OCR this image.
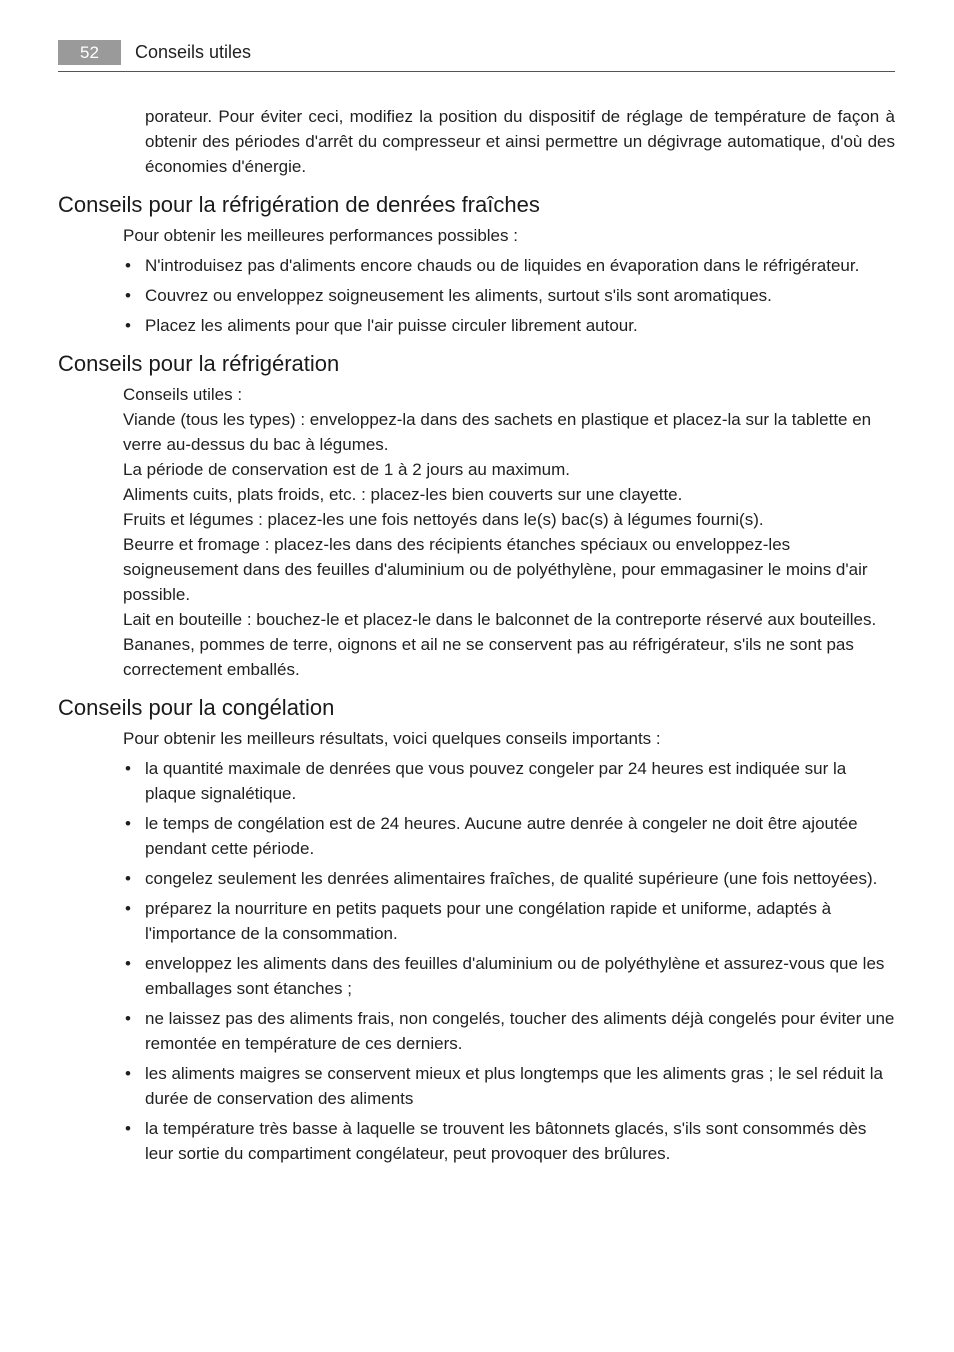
52	Conseils utiles

porateur. Pour éviter ceci, modifiez la position du dispositif de réglage de température de façon à obtenir des périodes d'arrêt du compresseur et ainsi permettre un dégivrage automatique, d'où des économies d'énergie.

Conseils pour la réfrigération de denrées fraîches

Pour obtenir les meilleures performances possibles :

• N'introduisez pas d'aliments encore chauds ou de liquides en évaporation dans le réfrigérateur.
• Couvrez ou enveloppez soigneusement les aliments, surtout s'ils sont aromatiques.
• Placez les aliments pour que l'air puisse circuler librement autour.
Conseils pour la réfrigération

Conseils utiles :

Viande (tous les types) : enveloppez-la dans des sachets en plastique et placez-la sur la tablette en verre au-dessus du bac à légumes.

La période de conservation est de 1 à 2 jours au maximum.

Aliments cuits, plats froids, etc. : placez-les bien couverts sur une clayette.

Fruits et légumes : placez-les une fois nettoyés dans le(s) bac(s) à légumes fourni(s).

Beurre et fromage : placez-les dans des récipients étanches spéciaux ou enveloppez-les soigneusement dans des feuilles d'aluminium ou de polyéthylène, pour emmagasiner le moins d'air possible.

Lait en bouteille : bouchez-le et placez-le dans le balconnet de la contreporte réservé aux bouteilles.

Bananes, pommes de terre, oignons et ail ne se conservent pas au réfrigérateur, s'ils ne sont pas correctement emballés.

Conseils pour la congélation

Pour obtenir les meilleurs résultats, voici quelques conseils importants :

• la quantité maximale de denrées que vous pouvez congeler par 24 heures est indiquée sur la plaque signalétique.
• le temps de congélation est de 24 heures. Aucune autre denrée à congeler ne doit être ajoutée pendant cette période.
• congelez seulement les denrées alimentaires fraîches, de qualité supérieure (une fois nettoyées).
• préparez la nourriture en petits paquets pour une congélation rapide et uniforme, adaptés à l'importance de la consommation.
• enveloppez les aliments dans des feuilles d'aluminium ou de polyéthylène et assurez-vous que les emballages sont étanches ;
• ne laissez pas des aliments frais, non congelés, toucher des aliments déjà congelés pour éviter une remontée en température de ces derniers.
• les aliments maigres se conservent mieux et plus longtemps que les aliments gras ; le sel réduit la durée de conservation des aliments
• la température très basse à laquelle se trouvent les bâtonnets glacés, s'ils sont consommés dès leur sortie du compartiment congélateur, peut provoquer des brûlures.
